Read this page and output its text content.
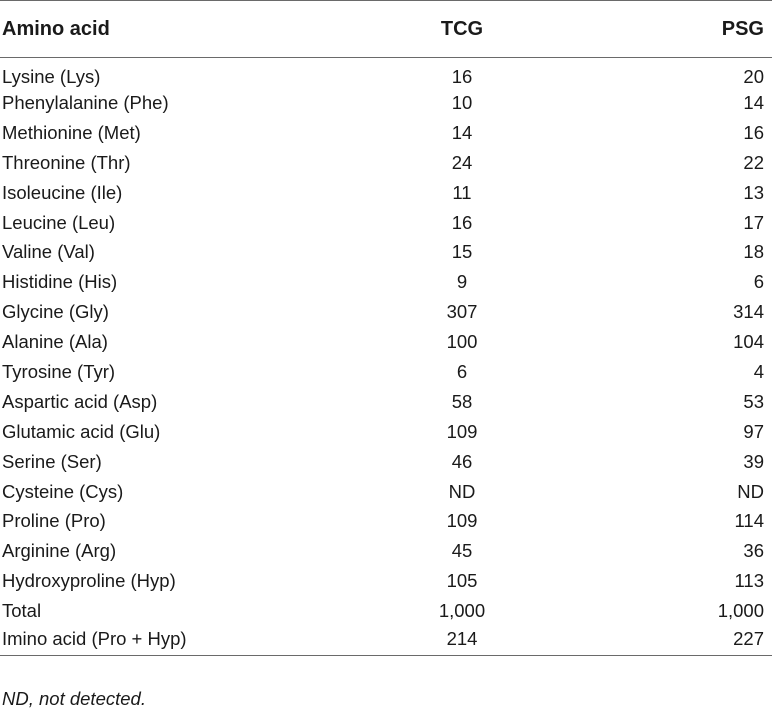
Amino acid	TCG	PSG
Lysine (Lys)	16	20
Phenylalanine (Phe)	10	14
Methionine (Met)	14	16
Threonine (Thr)	24	22
Isoleucine (Ile)	11	13
Leucine (Leu)	16	17
Valine (Val)	15	18
Histidine (His)	9	6
Glycine (Gly)	307	314
Alanine (Ala)	100	104
Tyrosine (Tyr)	6	4
Aspartic acid (Asp)	58	53
Glutamic acid (Glu)	109	97
Serine (Ser)	46	39
Cysteine (Cys)	ND	ND
Proline (Pro)	109	114
Arginine (Arg)	45	36
Hydroxyproline (Hyp)	105	113
Total	1,000	1,000
Imino acid (Pro + Hyp)	214	227
ND, not detected.
